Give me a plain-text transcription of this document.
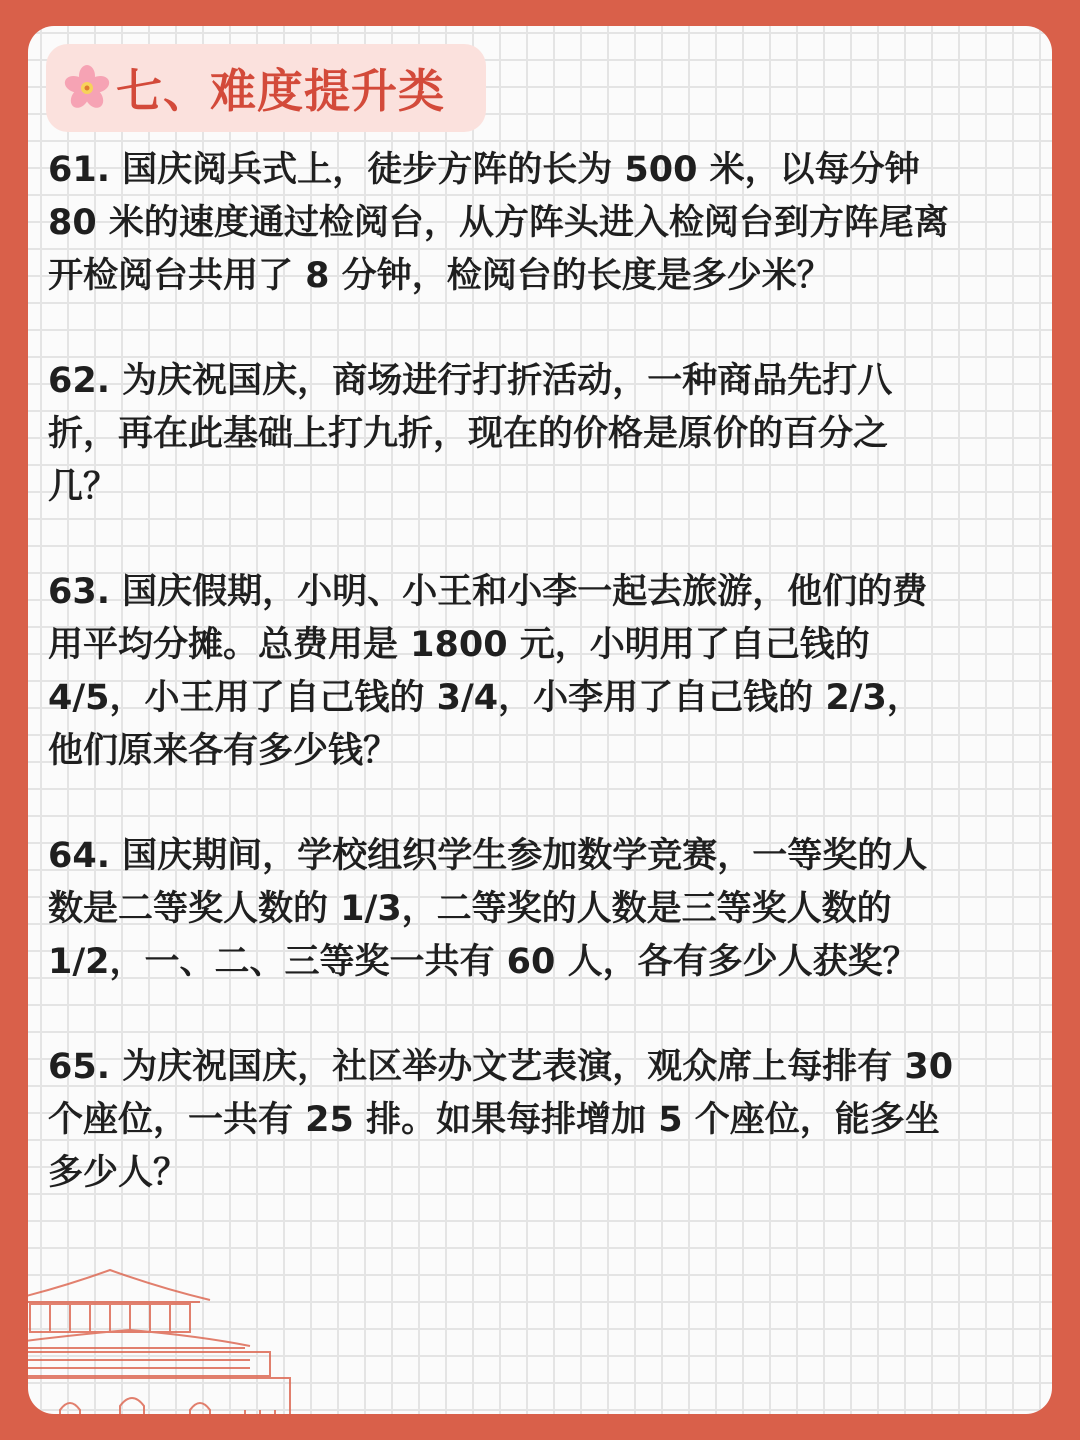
七、难度提升类

61. 国庆阅兵式上，徒步方阵的长为 500 米，以每分钟
80 米的速度通过检阅台，从方阵头进入检阅台到方阵尾离
开检阅台共用了 8 分钟，检阅台的长度是多少米？

62. 为庆祝国庆，商场进行打折活动，一种商品先打八
折，再在此基础上打九折，现在的价格是原价的百分之
几？

63. 国庆假期，小明、小王和小李一起去旅游，他们的费
用平均分摊。总费用是 1800 元，小明用了自己钱的
4/5，小王用了自己钱的 3/4，小李用了自己钱的 2/3，
他们原来各有多少钱？

64. 国庆期间，学校组织学生参加数学竞赛，一等奖的人
数是二等奖人数的 1/3，二等奖的人数是三等奖人数的
1/2，一、二、三等奖一共有 60 人，各有多少人获奖？

65. 为庆祝国庆，社区举办文艺表演，观众席上每排有 30
个座位，一共有 25 排。如果每排增加 5 个座位，能多坐
多少人？
